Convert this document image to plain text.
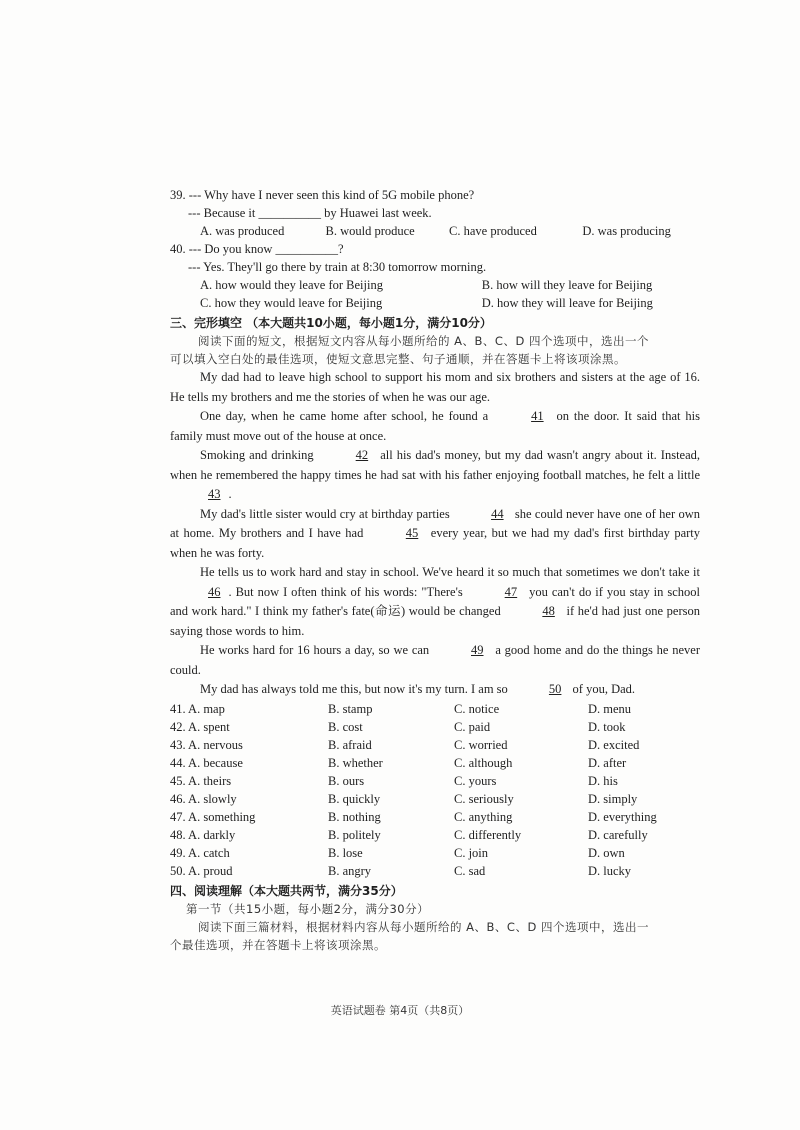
39. --- Why have I never seen this kind of 5G mobile phone?
--- Because it __________ by Huawei last week.
A. was produced	B. would produce	C. have produced	D. was producing
40. --- Do you know __________?
--- Yes. They'll go there by train at 8:30 tomorrow morning.
A. how would they leave for Beijing	B. how will they leave for Beijing
C. how they would leave for Beijing	D. how they will leave for Beijing
三、完形填空 （本大题共10小题，每小题1分，满分10分）
阅读下面的短文，根据短文内容从每小题所给的 A、B、C、D 四个选项中，选出一个
可以填入空白处的最佳选项，使短文意思完整、句子通顺，并在答题卡上将该项涂黑。

My dad had to leave high school to support his mom and six brothers and sisters at the age of 16. He tells my brothers and me the stories of when he was our age.

One day, when he came home after school, he found a	41 on the door. It said that his family must move out of the house at once.

Smoking and drinking	42 all his dad's money, but my dad wasn't angry about it. Instead, when he remembered the happy times he had sat with his father enjoying football matches, he felt a little 43 .

My dad's little sister would cry at birthday parties	44 she could never have one of her own at home. My brothers and I have had	45 every year, but we had my dad's first birthday party when he was forty.

He tells us to work hard and stay in school. We've heard it so much that sometimes we don't take it 46 . But now I often think of his words: "There's	47 you can't do if you stay in school and work hard." I think my father's fate(命运) would be changed	48 if he'd had just one person saying those words to him.

He works hard for 16 hours a day, so we can	49 a good home and do the things he never could.

My dad has always told me this, but now it's my turn. I am so	50 of you, Dad.

41. A. map	B. stamp	C. notice	D. menu
42. A. spent	B. cost	C. paid	D. took
43. A. nervous	B. afraid	C. worried	D. excited
44. A. because	B. whether	C. although	D. after
45. A. theirs	B. ours	C. yours	D. his
46. A. slowly	B. quickly	C. seriously	D. simply
47. A. something	B. nothing	C. anything	D. everything
48. A. darkly	B. politely	C. differently	D. carefully
49. A. catch	B. lose	C. join	D. own
50. A. proud	B. angry	C. sad	D. lucky
四、阅读理解（本大题共两节，满分35分）
第一节（共15小题，每小题2分，满分30分）
阅读下面三篇材料，根据材料内容从每小题所给的 A、B、C、D 四个选项中，选出一
个最佳选项，并在答题卡上将该项涂黑。
英语试题卷 第4页（共8页）
